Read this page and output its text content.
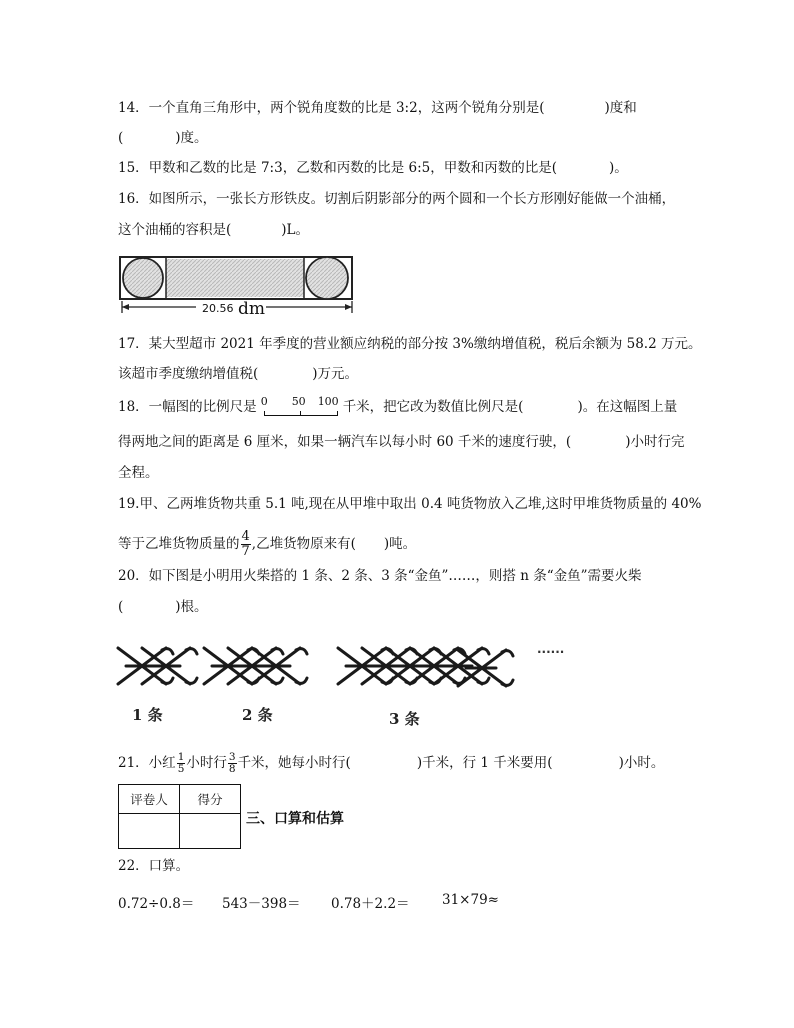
14．一个直角三角形中，两个锐角度数的比是 3:2，这两个锐角分别是(	)度和
(	)度。
15．甲数和乙数的比是 7:3，乙数和丙数的比是 6:5，甲数和丙数的比是(	)。
16．如图所示，一张长方形铁皮。切割后阴影部分的两个圆和一个长方形刚好能做一个油桶，
这个油桶的容积是(	)L。
20.56 dm
17．某大型超市 2021 年季度的营业额应纳税的部分按 3%缴纳增值税，税后余额为 58.2 万元。
该超市季度缴纳增值税(	)万元。
18．一幅图的比例尺是 0 50 100 千米，把它改为数值比例尺是(	)。在这幅图上量
得两地之间的距离是 6 厘米，如果一辆汽车以每小时 60 千米的速度行驶，(	)小时行完
全程。
19.甲、乙两堆货物共重 5.1 吨,现在从甲堆中取出 0.4 吨货物放入乙堆,这时甲堆货物质量的 40%
等于乙堆货物质量的 $\frac{4}{7}$ ,乙堆货物原来有( )吨。
20．如下图是小明用火柴搭的 1 条、2 条、3 条“金鱼”……，则搭 n 条“金鱼”需要火柴
(	)根。
······
1 条	2 条	3 条
21．小红 $\frac{1}{5}$ 小时行 $\frac{3}{8}$ 千米，她每小时行(	)千米，行 1 千米要用(	)小时。
评卷人	得分

三、口算和估算
22．口算。
0.72÷0.8＝ 543－398＝ 0.78＋2.2＝ 31×79≈
